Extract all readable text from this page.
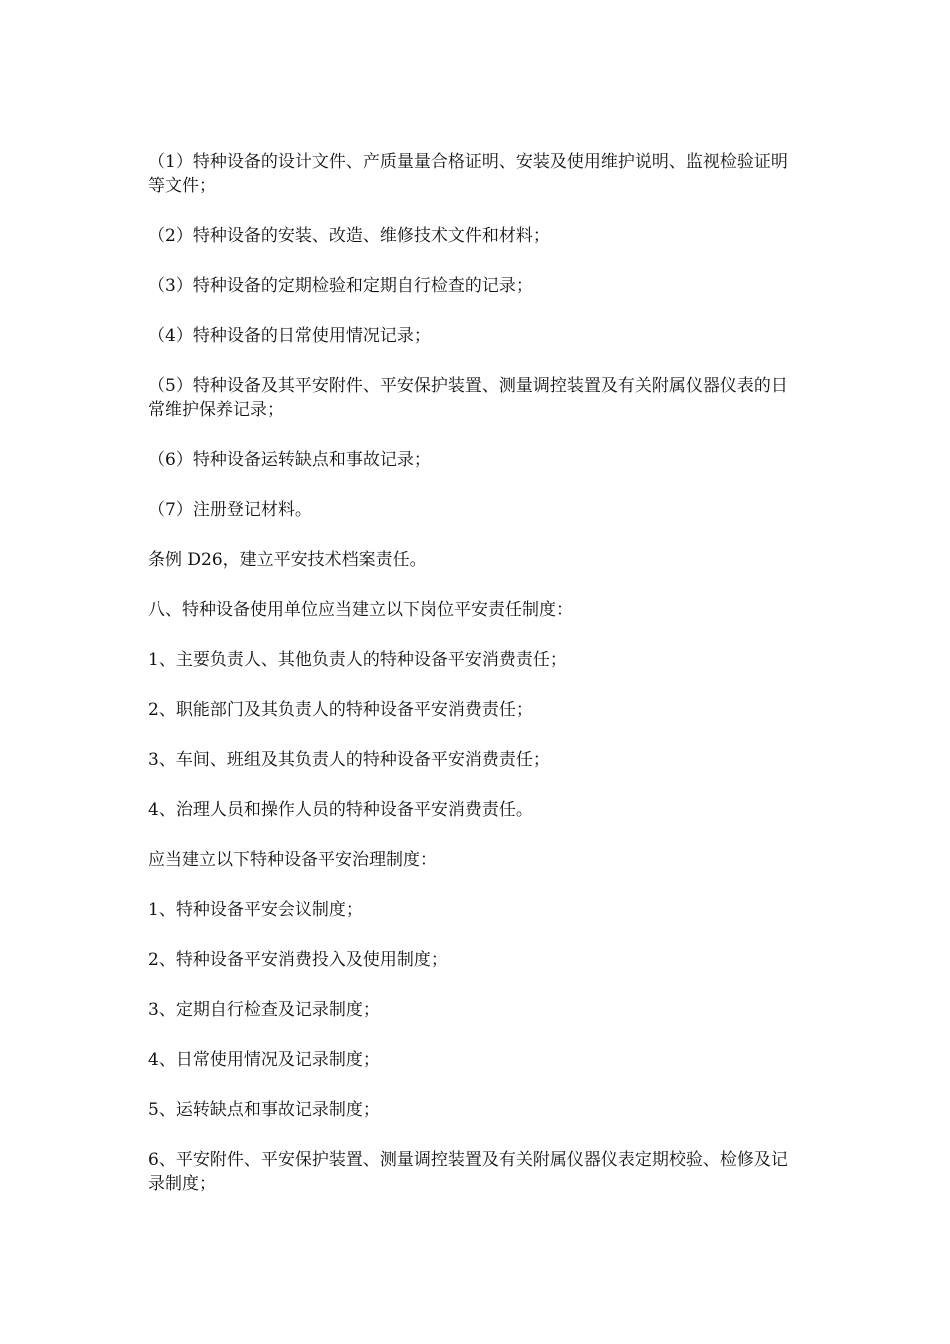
（1）特种设备的设计文件、产质量量合格证明、安装及使用维护说明、监视检验证明等文件；

（2）特种设备的安装、改造、维修技术文件和材料；

（3）特种设备的定期检验和定期自行检查的记录；

（4）特种设备的日常使用情况记录；

（5）特种设备及其平安附件、平安保护装置、测量调控装置及有关附属仪器仪表的日常维护保养记录；

（6）特种设备运转缺点和事故记录；

（7）注册登记材料。

条例 D26，建立平安技术档案责任。

八、特种设备使用单位应当建立以下岗位平安责任制度：

1、主要负责人、其他负责人的特种设备平安消费责任；

2、职能部门及其负责人的特种设备平安消费责任；

3、车间、班组及其负责人的特种设备平安消费责任；

4、治理人员和操作人员的特种设备平安消费责任。

应当建立以下特种设备平安治理制度：

1、特种设备平安会议制度；

2、特种设备平安消费投入及使用制度；

3、定期自行检查及记录制度；

4、日常使用情况及记录制度；

5、运转缺点和事故记录制度；

6、平安附件、平安保护装置、测量调控装置及有关附属仪器仪表定期校验、检修及记录制度；
